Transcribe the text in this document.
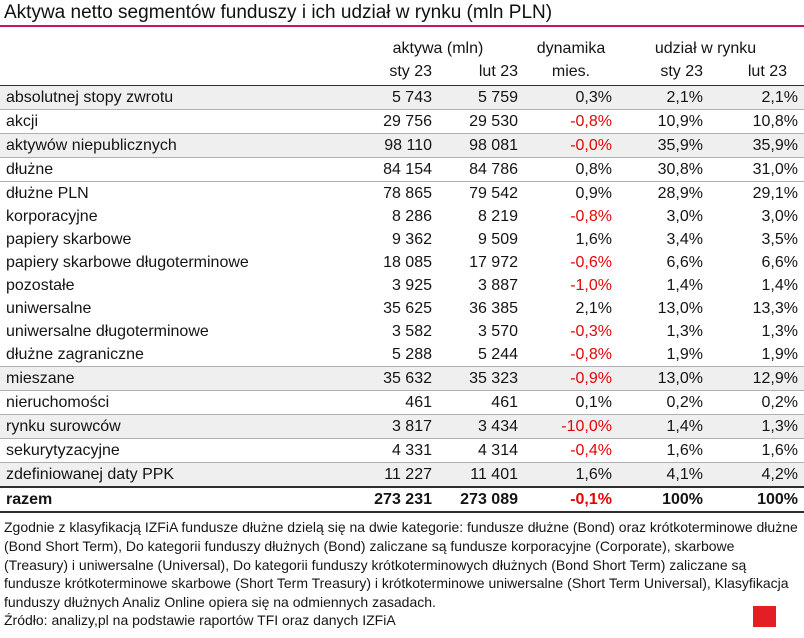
Aktywa netto segmentów funduszy i ich udział w rynku (mln PLN)
	aktywa (mln)		dynamika	udział w rynku	
	sty 23	lut 23	mies.	sty 23	lut 23
absolutnej stopy zwrotu	5 743	5 759	0,3%	2,1%	2,1%
akcji	29 756	29 530	-0,8%	10,9%	10,8%
aktywów niepublicznych	98 110	98 081	-0,0%	35,9%	35,9%
dłużne	84 154	84 786	0,8%	30,8%	31,0%
dłużne PLN	78 865	79 542	0,9%	28,9%	29,1%
korporacyjne	8 286	8 219	-0,8%	3,0%	3,0%
papiery skarbowe	9 362	9 509	1,6%	3,4%	3,5%
papiery skarbowe długoterminowe	18 085	17 972	-0,6%	6,6%	6,6%
pozostałe	3 925	3 887	-1,0%	1,4%	1,4%
uniwersalne	35 625	36 385	2,1%	13,0%	13,3%
uniwersalne długoterminowe	3 582	3 570	-0,3%	1,3%	1,3%
dłużne zagraniczne	5 288	5 244	-0,8%	1,9%	1,9%
mieszane	35 632	35 323	-0,9%	13,0%	12,9%
nieruchomości	461	461	0,1%	0,2%	0,2%
rynku surowców	3 817	3 434	-10,0%	1,4%	1,3%
sekurytyzacyjne	4 331	4 314	-0,4%	1,6%	1,6%
zdefiniowanej daty PPK	11 227	11 401	1,6%	4,1%	4,2%
razem	273 231	273 089	-0,1%	100%	100%
Zgodnie z klasyfikacją IZFiA fundusze dłużne dzielą się na dwie kategorie: fundusze dłużne (Bond) oraz krótkoterminowe dłużne (Bond Short Term), Do kategorii funduszy dłużnych (Bond) zaliczane są fundusze korporacyjne (Corporate), skarbowe (Treasury) i uniwersalne (Universal), Do kategorii funduszy krótkoterminowych dłużnych (Bond Short Term) zaliczane są fundusze krótkoterminowe skarbowe (Short Term Treasury) i krótkoterminowe uniwersalne (Short Term Universal), Klasyfikacja funduszy dłużnych Analiz Online opiera się na odmiennych zasadach.
Źródło: analizy,pl na podstawie raportów TFI oraz danych IZFiA
